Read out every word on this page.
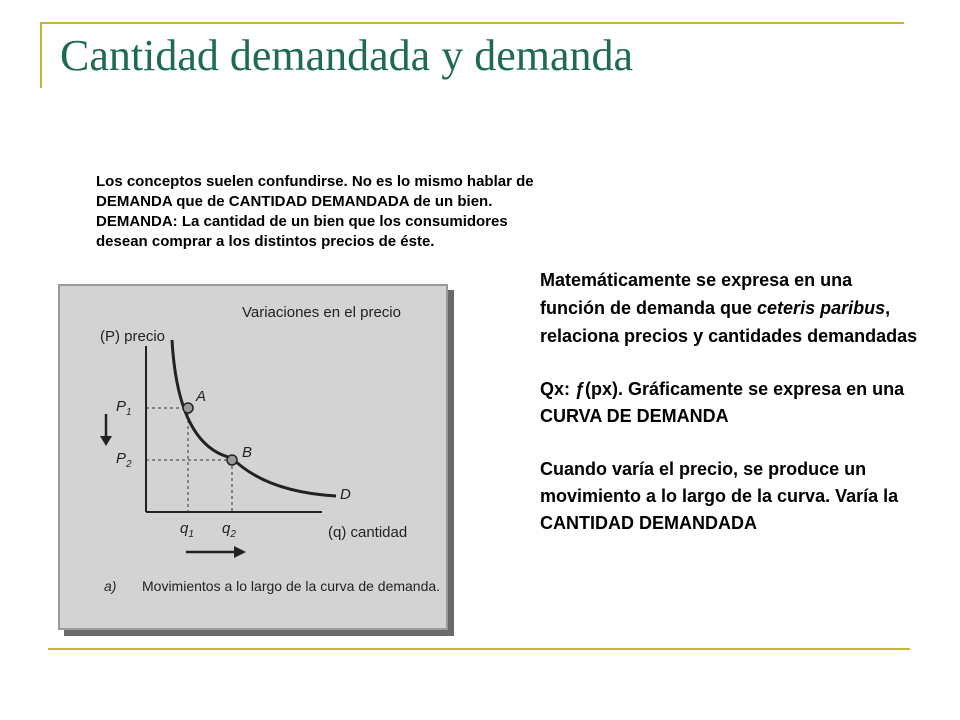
Cantidad demandada y demanda

Los conceptos suelen confundirse. No es lo mismo hablar de

DEMANDA que de CANTIDAD DEMANDADA de un bien.

DEMANDA: La cantidad de un bien que los consumidores

desean comprar a los distintos precios de éste.

Matemáticamente se expresa en una función de demanda que ceteris paribus, relaciona precios y cantidades demandadas

Qx: ƒ(px). Gráficamente se expresa en una CURVA DE DEMANDA

Cuando varía el precio, se produce un movimiento a lo largo de la curva. Varía la CANTIDAD DEMANDADA

Variaciones en el precio
(P) precio
(q) cantidad
$P_1$
$P_2$
$q_1$ $q_2$
A
B
D
a) Movimientos a lo largo de la curva de demanda.
